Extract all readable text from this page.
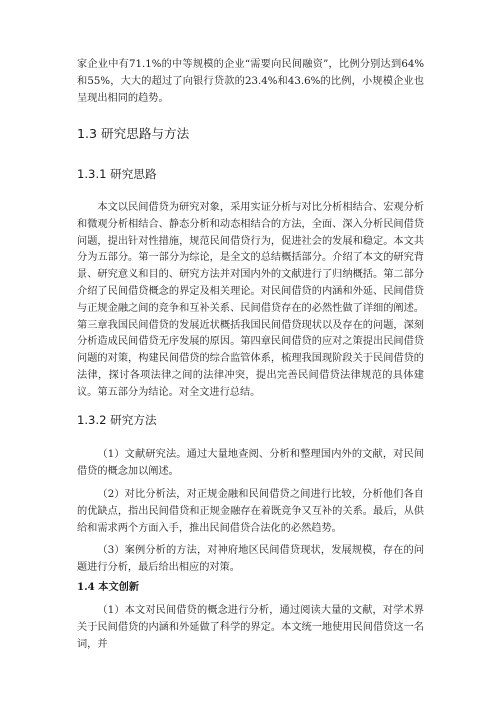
家企业中有71.1%的中等规模的企业“需要向民间融资”，比例分别达到64%和55%，大大的超过了向银行贷款的23.4%和43.6%的比例，小规模企业也呈现出相同的趋势。

1.3 研究思路与方法
1.3.1 研究思路

本文以民间借贷为研究对象，采用实证分析与对比分析相结合、宏观分析和微观分析相结合、静态分析和动态相结合的方法，全面、深入分析民间借贷问题，提出针对性措施，规范民间借贷行为，促进社会的发展和稳定。本文共分为五部分。第一部分为综论，是全文的总结概括部分。介绍了本文的研究背景、研究意义和目的、研究方法并对国内外的文献进行了归纳概括。第二部分介绍了民间借贷概念的界定及相关理论。对民间借贷的内涵和外延、民间借贷与正规金融之间的竞争和互补关系、民间借贷存在的必然性做了详细的阐述。第三章我国民间借贷的发展近状概括我国民间借贷现状以及存在的问题，深刻分析造成民间借贷无序发展的原因。第四章民间借贷的应对之策提出民间借贷问题的对策，构建民间借贷的综合监管体系，梳理我国现阶段关于民间借贷的法律，探讨各项法律之间的法律冲突，提出完善民间借贷法律规范的具体建议。第五部分为结论。对全文进行总结。

1.3.2 研究方法

（1）文献研究法。通过大量地查阅、分析和整理国内外的文献，对民间借贷的概念加以阐述。

（2）对比分析法，对正规金融和民间借贷之间进行比较，分析他们各自的优缺点，指出民间借贷和正规金融存在着既竞争又互补的关系。最后，从供给和需求两个方面入手，推出民间借贷合法化的必然趋势。

（3）案例分析的方法，对神府地区民间借贷现状，发展规模，存在的问题进行分析，最后给出相应的对策。

1.4 本文创新

（1）本文对民间借贷的概念进行分析，通过阅读大量的文献，对学术界关于民间借贷的内涵和外延做了科学的界定。本文统一地使用民间借贷这一名词，并
